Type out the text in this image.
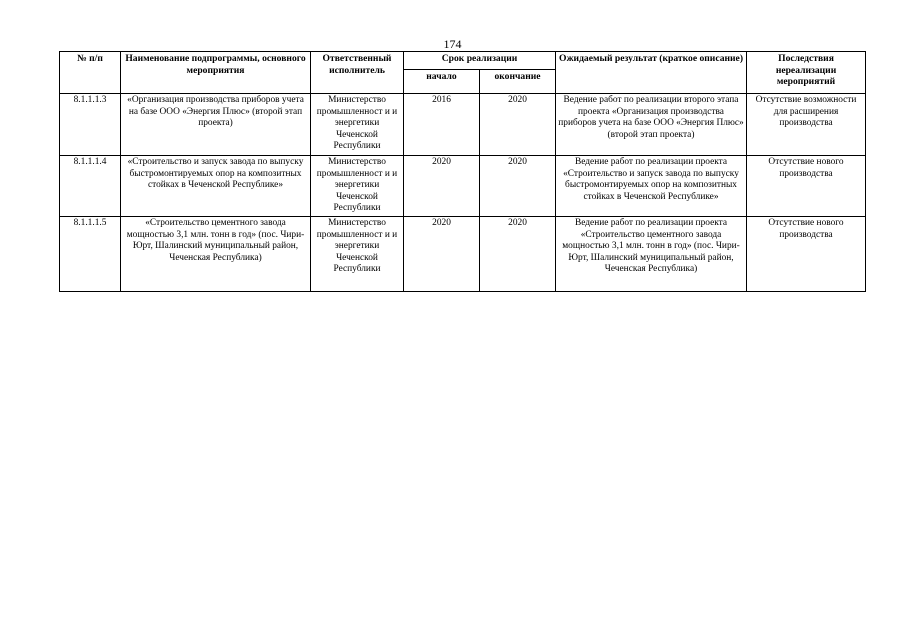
174
№ п/п	Наименование подпрограммы, основного мероприятия	Ответственный исполнитель	Срок реализации		Ожидаемый результат (краткое описание)	Последствия нереализации мероприятий
			начало	окончание		
8.1.1.1.3	«Организация производства приборов учета на базе ООО «Энергия Плюс» (второй этап проекта)	Министерство промышленност и и энергетики Чеченской Республики	2016	2020	Ведение работ по реализации второго этапа проекта «Организация производства приборов учета на базе ООО «Энергия Плюс» (второй этап проекта)	Отсутствие возможности для расширения производства
8.1.1.1.4	«Строительство и запуск завода по выпуску быстромонтируемых опор на композитных стойках в Чеченской Республике»	Министерство промышленност и и энергетики Чеченской Республики	2020	2020	Ведение работ по реализации проекта «Строительство и запуск завода по выпуску быстромонтируемых опор на композитных стойках в Чеченской Республике»	Отсутствие нового производства
8.1.1.1.5	«Строительство цементного завода мощностью 3,1 млн. тонн в год» (пос. Чири-Юрт, Шалинский муниципальный район, Чеченская Республика)	Министерство промышленност и и энергетики Чеченской Республики	2020	2020	Ведение работ по реализации проекта «Строительство цементного завода мощностью 3,1 млн. тонн в год» (пос. Чири-Юрт, Шалинский муниципальный район, Чеченская Республика)	Отсутствие нового производства
